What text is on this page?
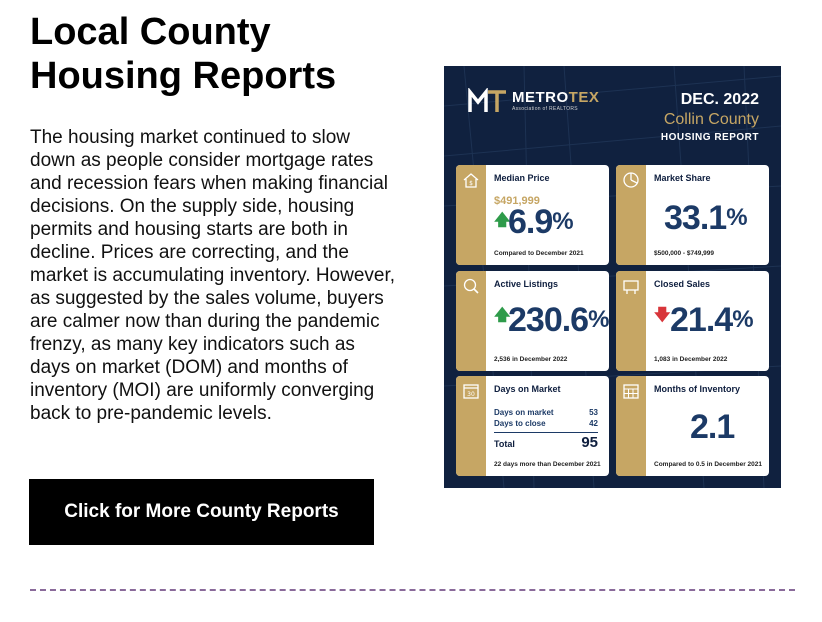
Local County
Housing Reports

The housing market continued to slow down as people consider mortgage rates and recession fears when making financial decisions. On the supply side, housing permits and housing starts are both in decline. Prices are correcting, and the market is accumulating inventory. However, as suggested by the sales volume, buyers are calmer now than during the pandemic frenzy, as many key indicators such as days on market (DOM) and months of inventory (MOI) are uniformly converging back to pre-pandemic levels.

Click for More County Reports
METROTEX
Association of REALTORS
DEC. 2022
Collin County
HOUSING REPORT
$
Median Price
$491,999
🡅
6.9%
Compared to December 2021
Market Share
33.1%
$500,000 - $749,999
Active Listings
🡅
230.6%
2,536 in December 2022
Closed Sales
🡇 21.4%
1,083 in December 2022
30
Days on Market
Days on market	53
Days to close	42
Total	95
22 days more than December 2021
Months of Inventory
2.1
Compared to 0.5 in December 2021
